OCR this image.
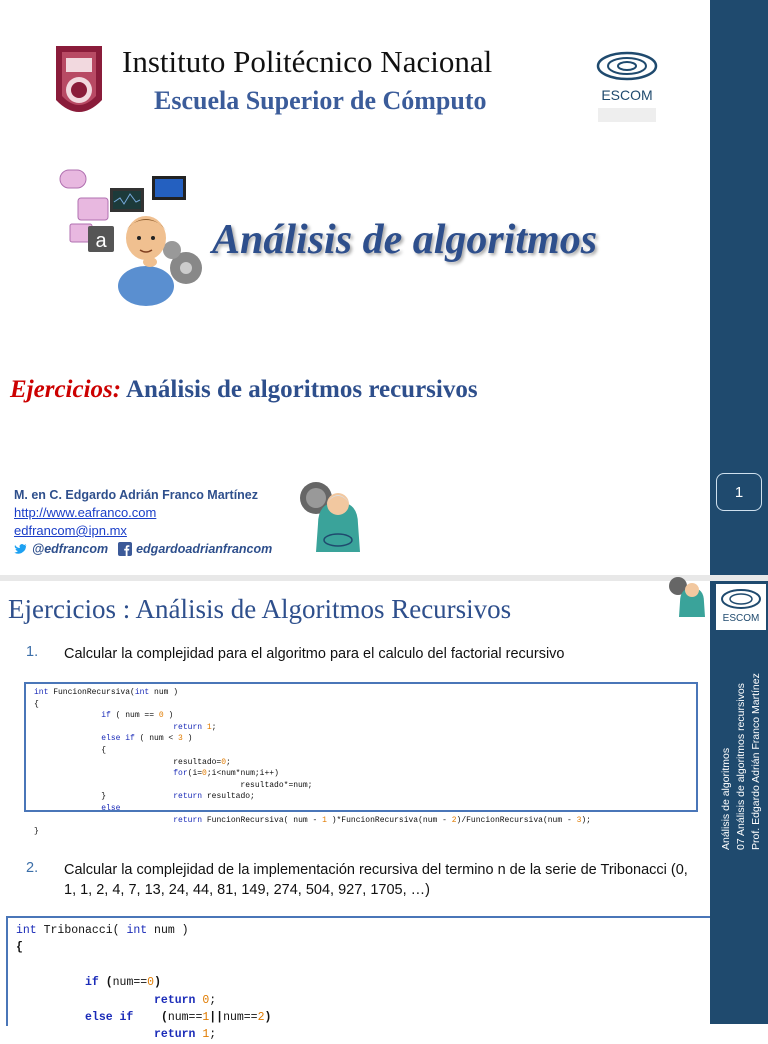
1
ESCOM
Instituto Politécnico Nacional
Escuela Superior de Cómputo
a	Análisis de algoritmos
Ejercicios: Análisis de algoritmos recursivos
M. en C. Edgardo Adrián Franco Martínez
http://www.eafranco.com
edfrancom@ipn.mx
@edfrancom edgardoadrianfrancom
ESCOM
Análisis de algoritmos 07 Análisis de algoritmos recursivos Prof. Edgardo Adrián Franco Martínez
Ejercicios : Análisis de Algoritmos Recursivos
1. Calcular la complejidad para el algoritmo para el calculo del factorial recursivo
int FuncionRecursiva(int num )
{
if ( num == 0 )
return 1;
else if ( num < 3 )
{
resultado=0;
for(i=0;i<num*num;i++)
resultado*=num;
}              return resultado;
else
return FuncionRecursiva( num - 1 )*FuncionRecursiva(num - 2)/FuncionRecursiva(num - 3);
}
2. Calcular la complejidad de la implementación recursiva del termino n de la serie de Tribonacci (0, 1, 1, 2, 4, 7, 13, 24, 44, 81, 149, 274, 504, 927, 1705, …)
int Tribonacci( int num )
{

if (num==0)
return 0;
else if (num==1||num==2)
return 1;
